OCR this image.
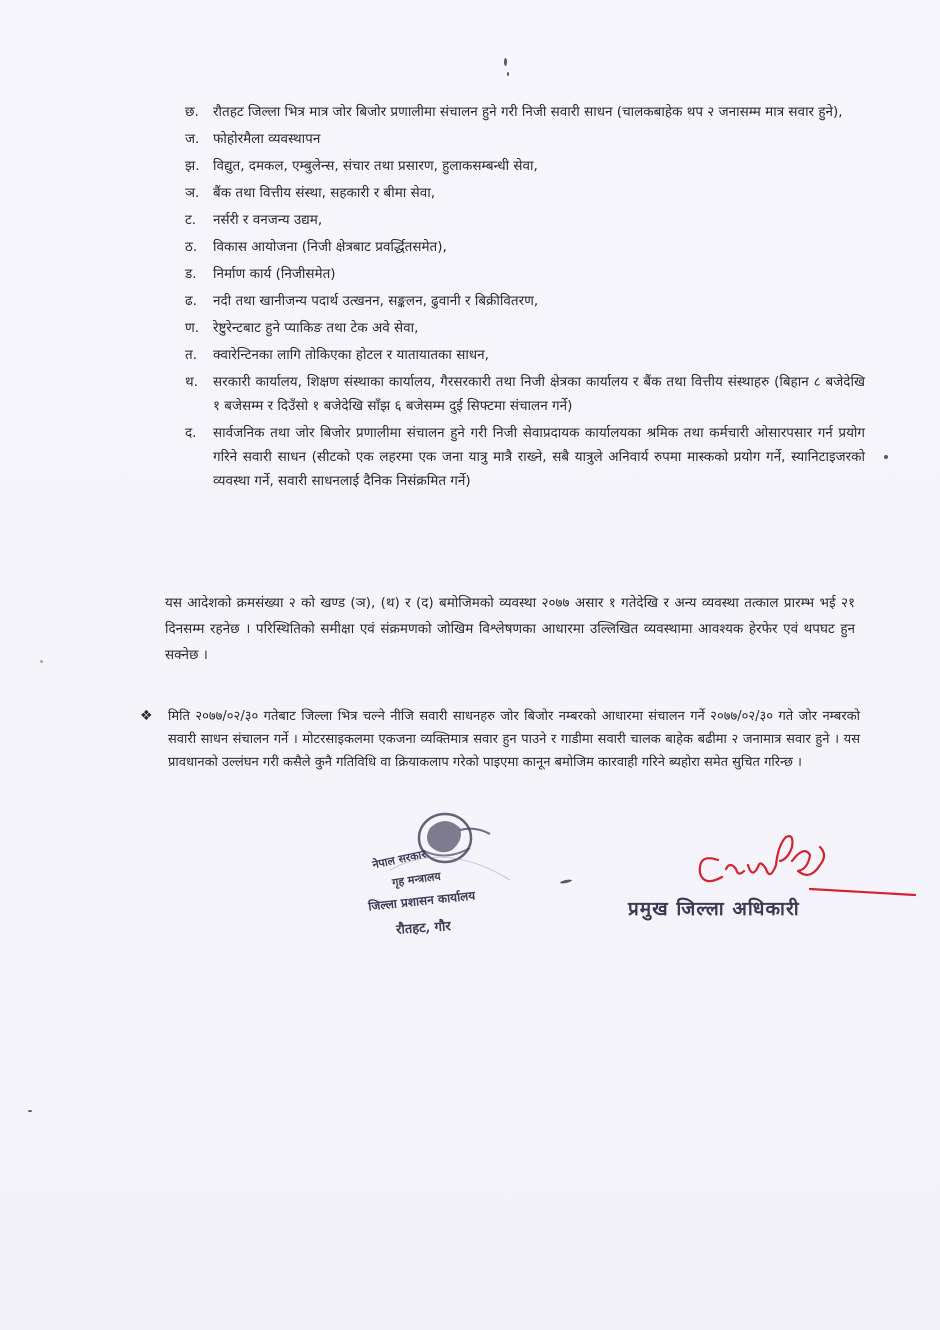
छ.	रौतहट जिल्ला भित्र मात्र जोर बिजोर प्रणालीमा संचालन हुने गरी निजी सवारी साधन (चालकबाहेक थप २ जनासम्म मात्र सवार हुने),
ज.	फोहोरमैला व्यवस्थापन
झ.	विद्युत, दमकल, एम्बुलेन्स, संचार तथा प्रसारण, हुलाकसम्बन्धी सेवा,
ञ.	बैंक तथा वित्तीय संस्था, सहकारी र बीमा सेवा,
ट.	नर्सरी र वनजन्य उद्यम,
ठ.	विकास आयोजना (निजी क्षेत्रबाट प्रवर्द्धितसमेत),
ड.	निर्माण कार्य (निजीसमेत)
ढ.	नदी तथा खानीजन्य पदार्थ उत्खनन, सङ्कलन, ढुवानी र बिक्रीवितरण,
ण.	रेष्टुरेन्टबाट हुने प्याकिङ तथा टेक अवे सेवा,
त.	क्वारेन्टिनका लागि तोकिएका होटल र यातायातका साधन,
थ.	सरकारी कार्यालय, शिक्षण संस्थाका कार्यालय, गैरसरकारी तथा निजी क्षेत्रका कार्यालय र बैंक तथा वित्तीय संस्थाहरु (बिहान ८ बजेदेखि १ बजेसम्म र दिउँसो १ बजेदेखि साँझ ६ बजेसम्म दुई सिफ्टमा संचालन गर्ने)
द.	सार्वजनिक तथा जोर बिजोर प्रणालीमा संचालन हुने गरी निजी सेवाप्रदायक कार्यालयका श्रमिक तथा कर्मचारी ओसारपसार गर्न प्रयोग गरिने सवारी साधन (सीटको एक लहरमा एक जना यात्रु मात्रै राख्ने, सबै यात्रुले अनिवार्य रुपमा मास्कको प्रयोग गर्ने, स्यानिटाइजरको व्यवस्था गर्ने, सवारी साधनलाई दैनिक निसंक्रमित गर्ने)

यस आदेशको क्रमसंख्या २ को खण्ड (ञ), (थ) र (द) बमोजिमको व्यवस्था २०७७ असार १ गतेदेखि र अन्य व्यवस्था तत्काल प्रारम्भ भई २१ दिनसम्म रहनेछ । परिस्थितिको समीक्षा एवं संक्रमणको जोखिम विश्लेषणका आधारमा उल्लिखित व्यवस्थामा आवश्यक हेरफेर एवं थपघट हुन सक्नेछ ।

❖	मिति २०७७/०२/३० गतेबाट जिल्ला भित्र चल्ने नीजि सवारी साधनहरु जोर बिजोर नम्बरको आधारमा संचालन गर्ने २०७७/०२/३० गते जोर नम्बरको सवारी साधन संचालन गर्ने । मोटरसाइकलमा एकजना व्यक्तिमात्र सवार हुन पाउने र गाडीमा सवारी चालक बाहेक बढीमा २ जनामात्र सवार हुने । यस प्रावधानको उल्लंघन गरी कसैले कुनै गतिविधि वा क्रियाकलाप गरेको पाइएमा कानून बमोजिम कारवाही गरिने ब्यहोरा समेत सुचित गरिन्छ ।
नेपाल सरकार
गृह मन्त्रालय
जिल्ला प्रशासन कार्यालय
रौतहट, गौर
प्रमुख जिल्ला अधिकारी
